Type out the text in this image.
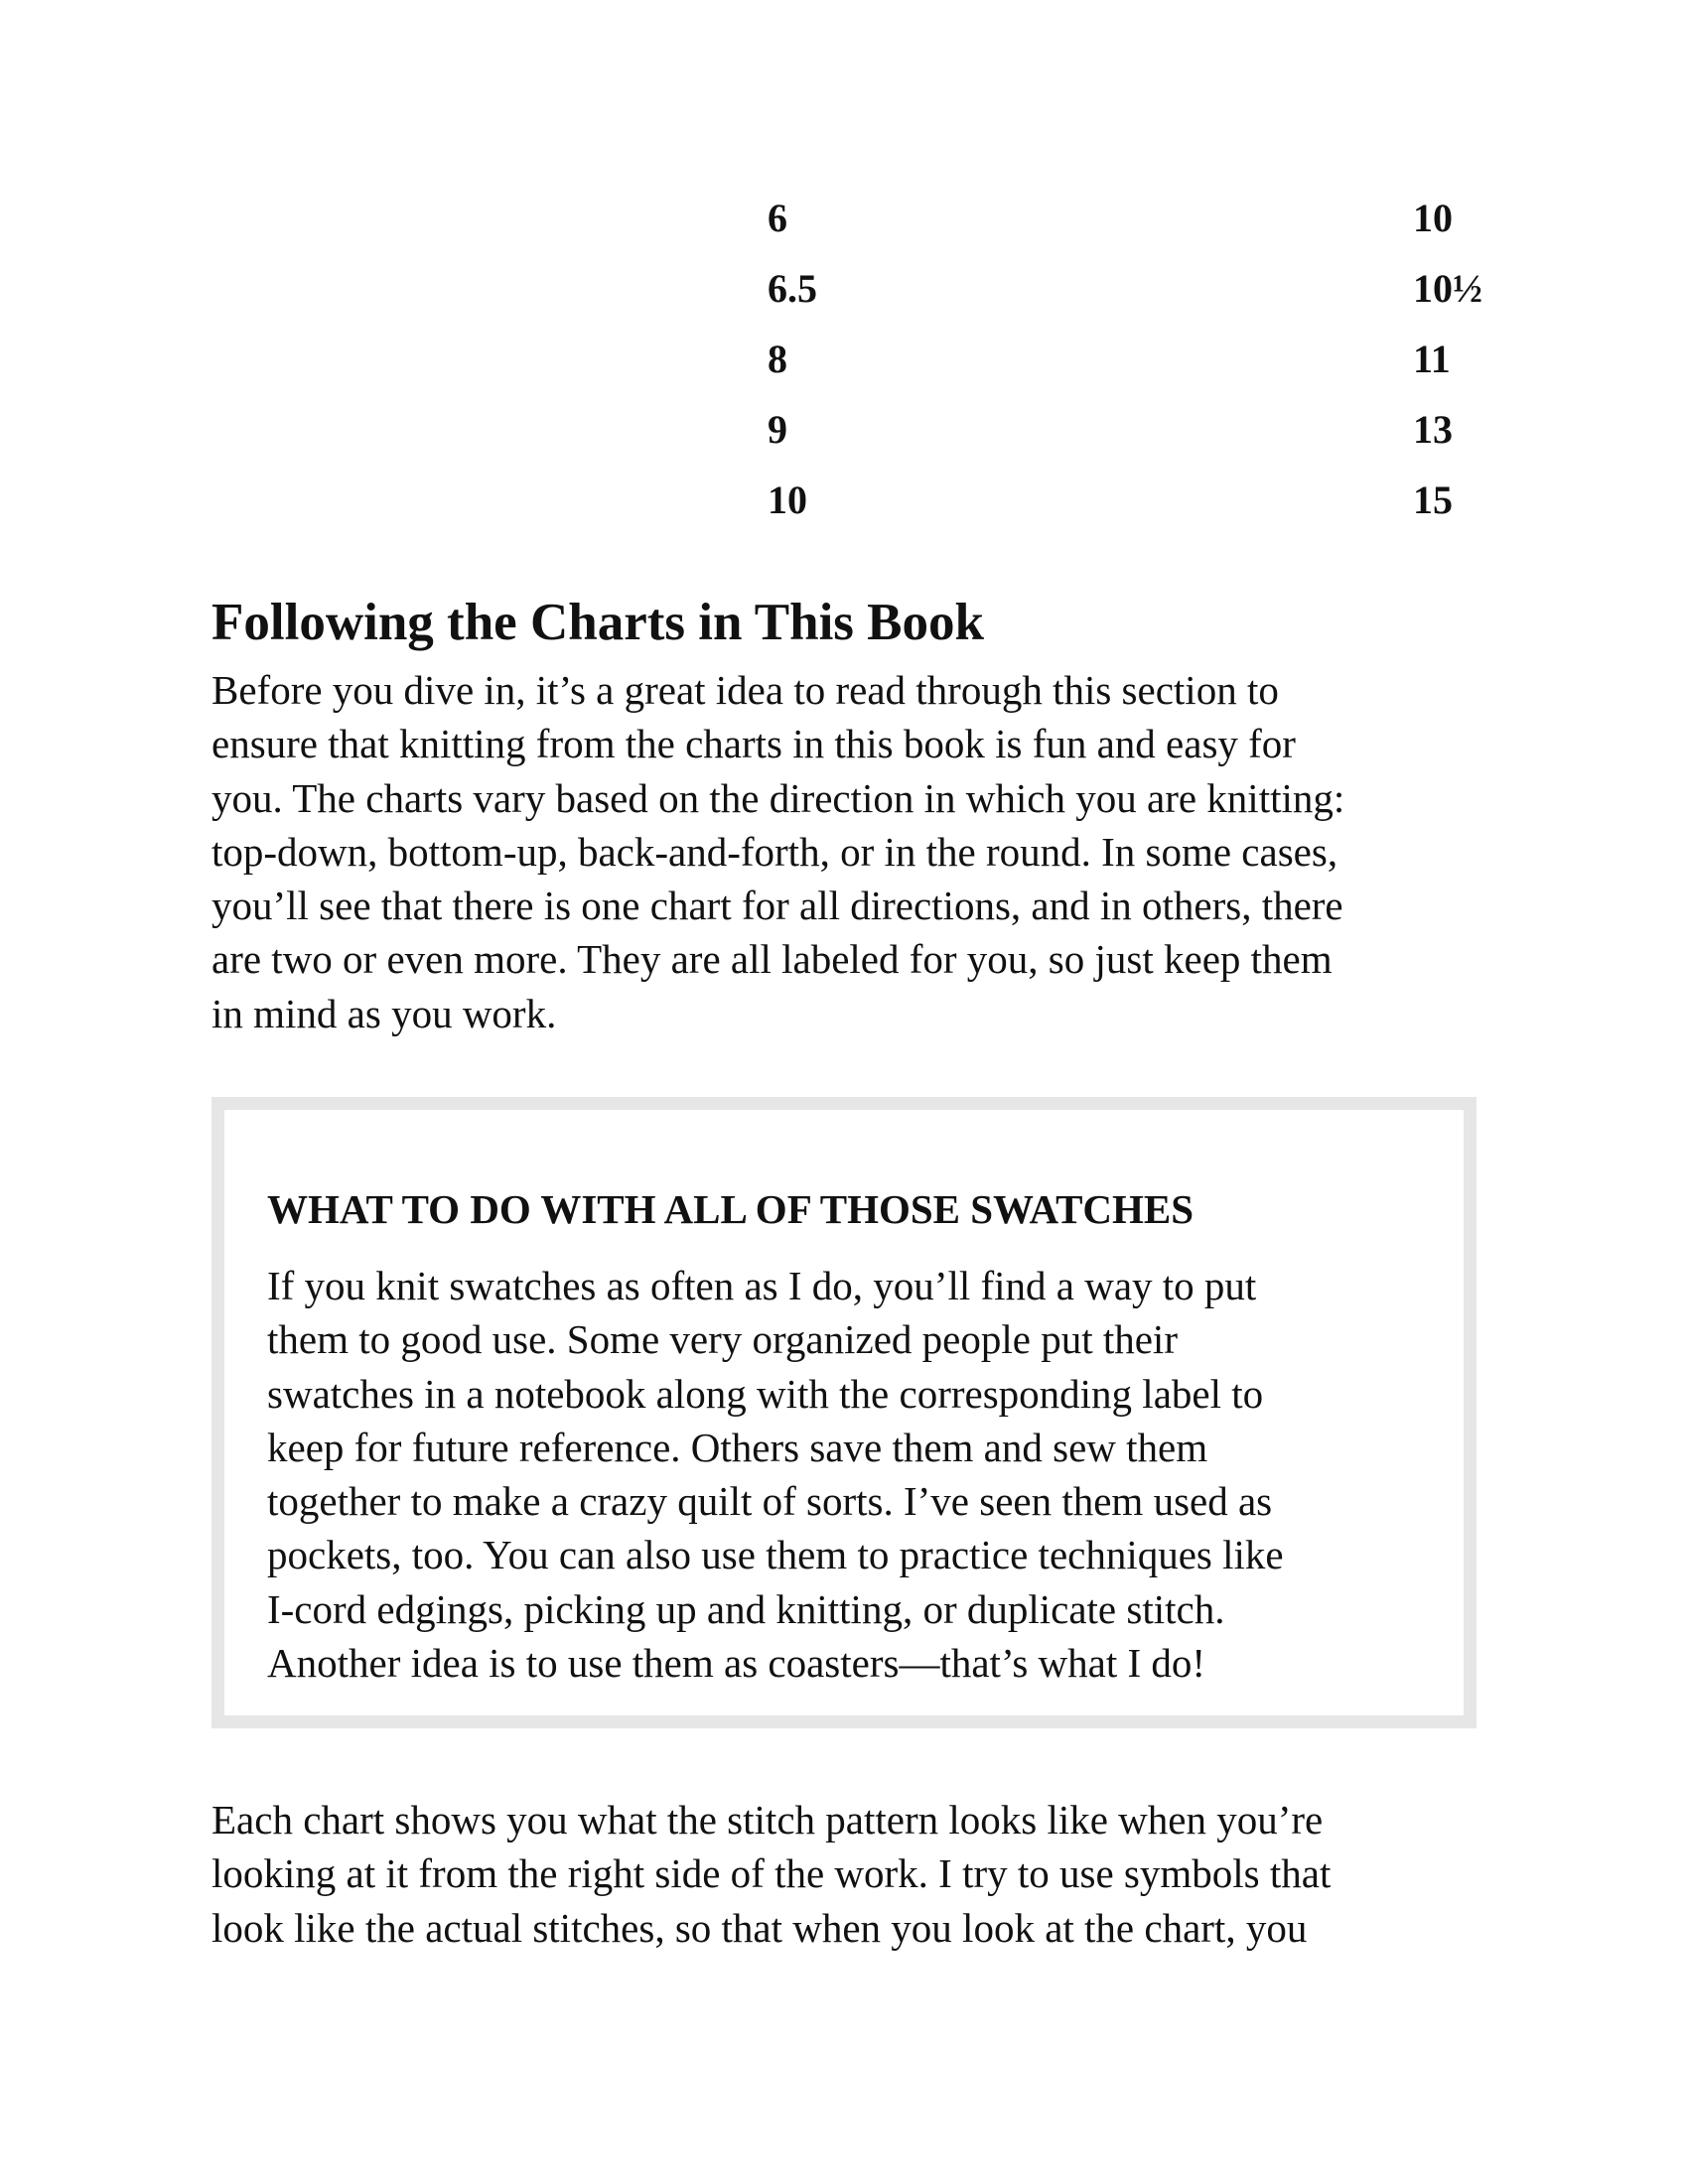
6	10
6.5	10½
8	11
9	13
10	15
Following the Charts in This Book

Before you dive in, it’s a great idea to read through this section to
ensure that knitting from the charts in this book is fun and easy for
you. The charts vary based on the direction in which you are knitting:
top-down, bottom-up, back-and-forth, or in the round. In some cases,
you’ll see that there is one chart for all directions, and in others, there
are two or even more. They are all labeled for you, so just keep them
in mind as you work.

WHAT TO DO WITH ALL OF THOSE SWATCHES

If you knit swatches as often as I do, you’ll find a way to put
them to good use. Some very organized people put their
swatches in a notebook along with the corresponding label to
keep for future reference. Others save them and sew them
together to make a crazy quilt of sorts. I’ve seen them used as
pockets, too. You can also use them to practice techniques like
I-cord edgings, picking up and knitting, or duplicate stitch.
Another idea is to use them as coasters—that’s what I do!

Each chart shows you what the stitch pattern looks like when you’re
looking at it from the right side of the work. I try to use symbols that
look like the actual stitches, so that when you look at the chart, you
